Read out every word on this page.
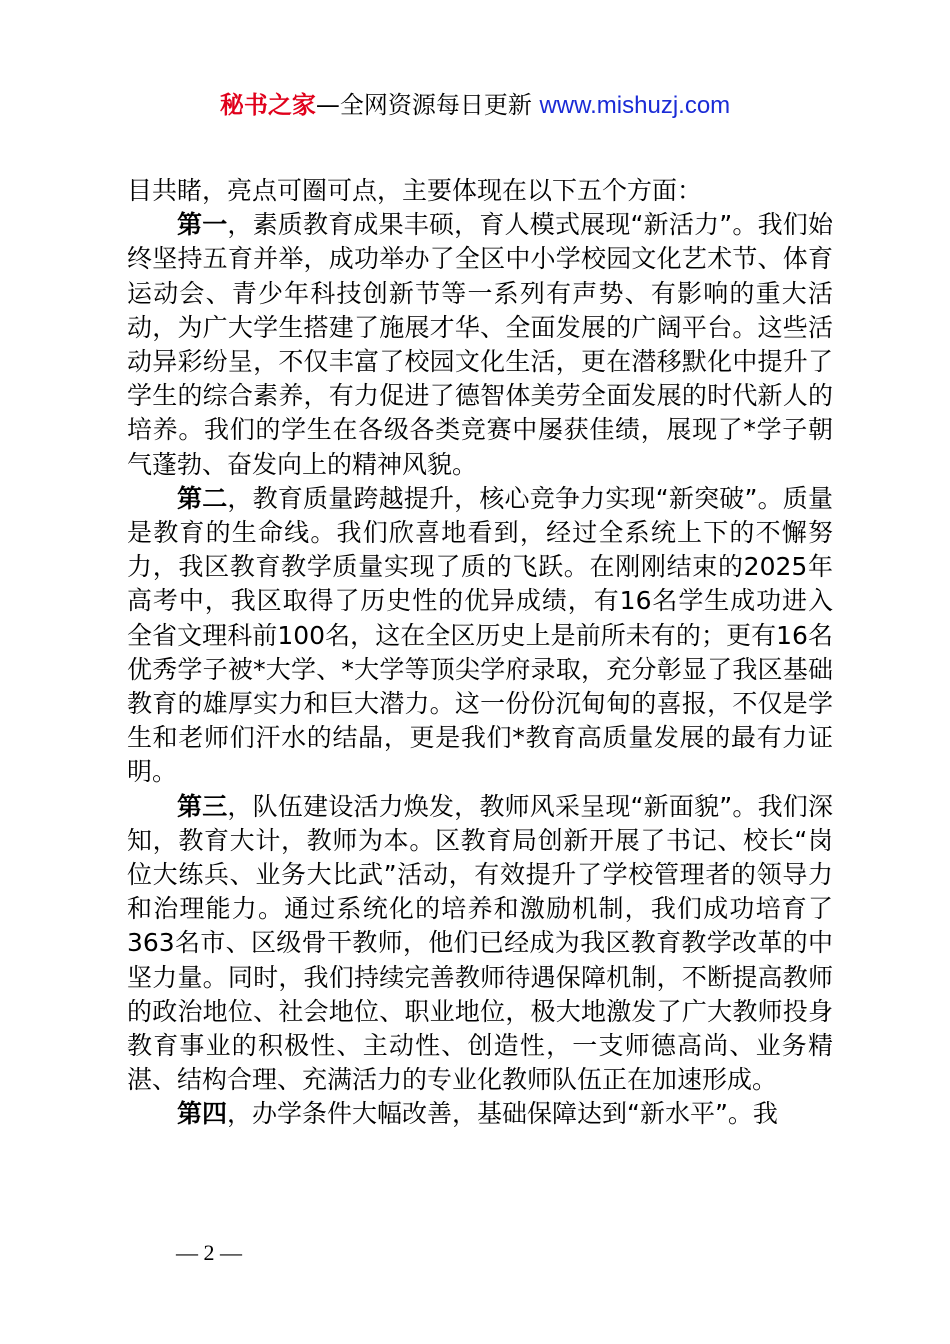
秘书之家—全网资源每日更新 www.mishuzj.com

目共睹，亮点可圈可点，主要体现在以下五个方面：

第一，素质教育成果丰硕，育人模式展现“新活力”。我们始终坚持五育并举，成功举办了全区中小学校园文化艺术节、体育运动会、青少年科技创新节等一系列有声势、有影响的重大活动，为广大学生搭建了施展才华、全面发展的广阔平台。这些活动异彩纷呈，不仅丰富了校园文化生活，更在潜移默化中提升了学生的综合素养，有力促进了德智体美劳全面发展的时代新人的培养。我们的学生在各级各类竞赛中屡获佳绩，展现了*学子朝气蓬勃、奋发向上的精神风貌。

第二，教育质量跨越提升，核心竞争力实现“新突破”。质量是教育的生命线。我们欣喜地看到，经过全系统上下的不懈努力，我区教育教学质量实现了质的飞跃。在刚刚结束的2025年高考中，我区取得了历史性的优异成绩，有16名学生成功进入全省文理科前100名，这在全区历史上是前所未有的；更有16名优秀学子被*大学、*大学等顶尖学府录取，充分彰显了我区基础教育的雄厚实力和巨大潜力。这一份份沉甸甸的喜报，不仅是学生和老师们汗水的结晶，更是我们*教育高质量发展的最有力证明。

第三，队伍建设活力焕发，教师风采呈现“新面貌”。我们深知，教育大计，教师为本。区教育局创新开展了书记、校长“岗位大练兵、业务大比武”活动，有效提升了学校管理者的领导力和治理能力。通过系统化的培养和激励机制，我们成功培育了363名市、区级骨干教师，他们已经成为我区教育教学改革的中坚力量。同时，我们持续完善教师待遇保障机制，不断提高教师的政治地位、社会地位、职业地位，极大地激发了广大教师投身教育事业的积极性、主动性、创造性，一支师德高尚、业务精湛、结构合理、充满活力的专业化教师队伍正在加速形成。

第四，办学条件大幅改善，基础保障达到“新水平”。我

— 2 —
